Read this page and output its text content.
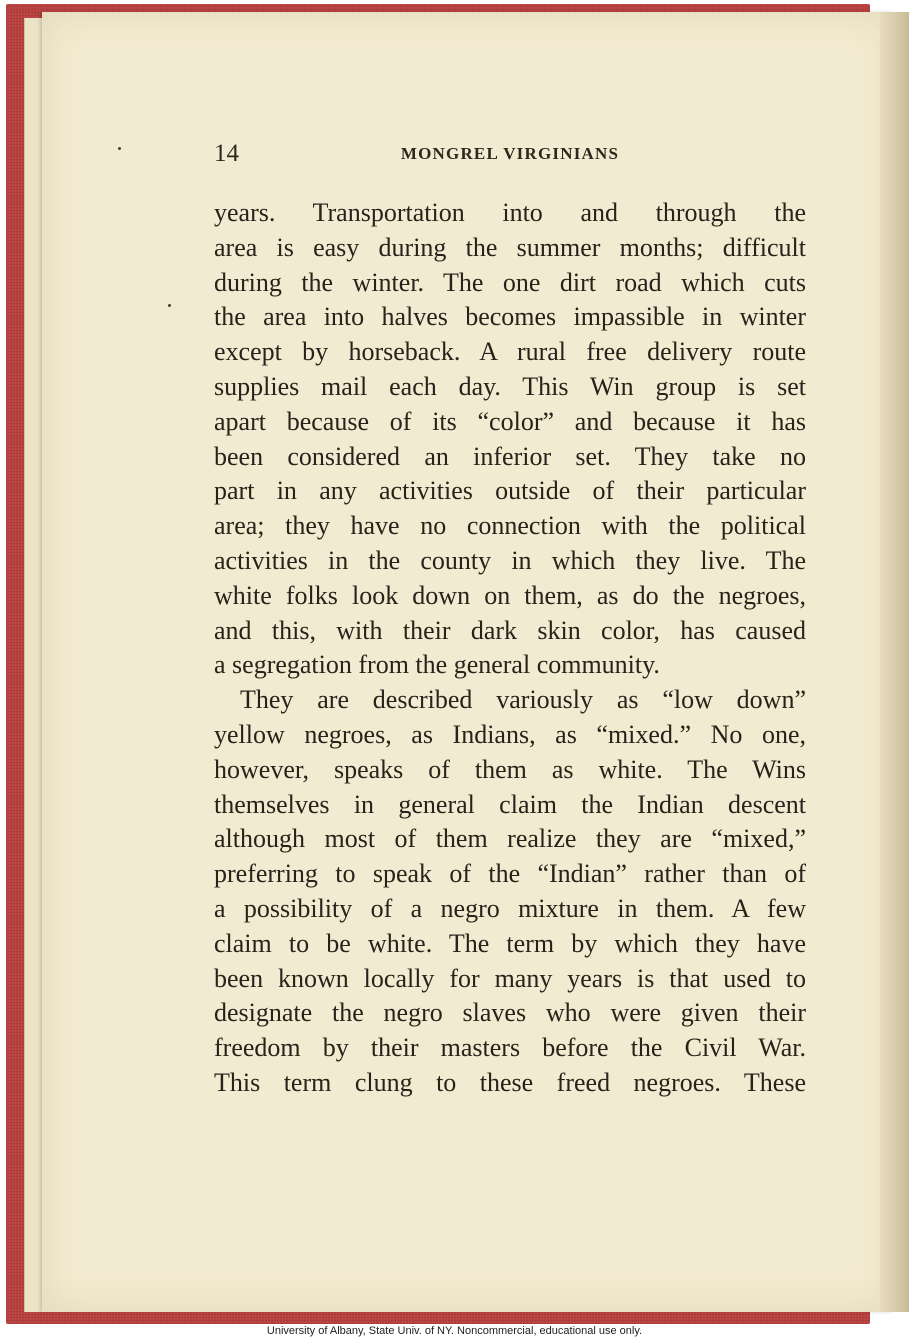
14	MONGREL VIRGINIANS
years. Transportation into and through the
area is easy during the summer months; difficult
during the winter. The one dirt road which cuts
the area into halves becomes impassible in winter
except by horseback. A rural free delivery route
supplies mail each day. This Win group is set
apart because of its “color” and because it has
been considered an inferior set. They take no
part in any activities outside of their particular
area; they have no connection with the political
activities in the county in which they live. The
white folks look down on them, as do the negroes,
and this, with their dark skin color, has caused
a segregation from the general community.
They are described variously as “low down”
yellow negroes, as Indians, as “mixed.” No one,
however, speaks of them as white. The Wins
themselves in general claim the Indian descent
although most of them realize they are “mixed,”
preferring to speak of the “Indian” rather than of
a possibility of a negro mixture in them. A few
claim to be white. The term by which they have
been known locally for many years is that used to
designate the negro slaves who were given their
freedom by their masters before the Civil War.
This term clung to these freed negroes. These
University of Albany, State Univ. of NY. Noncommercial, educational use only.
